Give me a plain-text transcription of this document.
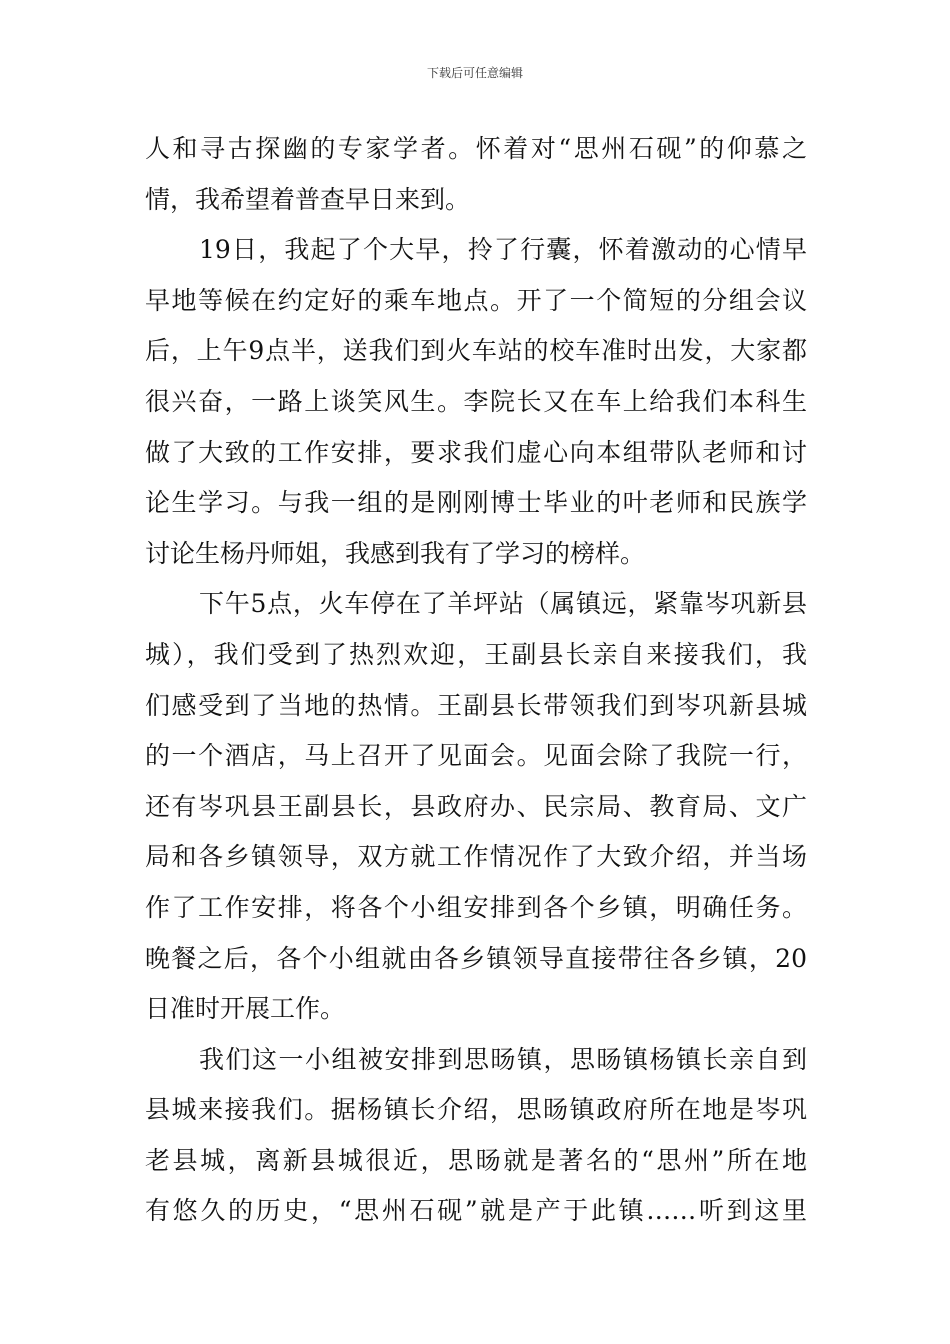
下载后可任意编辑
人和寻古探幽的专家学者。怀着对“思州石砚”的仰慕之
情，我希望着普查早日来到。
19日，我起了个大早，拎了行囊，怀着激动的心情早
早地等候在约定好的乘车地点。开了一个简短的分组会议
后，上午9点半，送我们到火车站的校车准时出发，大家都
很兴奋，一路上谈笑风生。李院长又在车上给我们本科生
做了大致的工作安排，要求我们虚心向本组带队老师和讨
论生学习。与我一组的是刚刚博士毕业的叶老师和民族学
讨论生杨丹师姐，我感到我有了学习的榜样。
下午5点，火车停在了羊坪站（属镇远，紧靠岑巩新县
城），我们受到了热烈欢迎，王副县长亲自来接我们，我
们感受到了当地的热情。王副县长带领我们到岑巩新县城
的一个酒店，马上召开了见面会。见面会除了我院一行，
还有岑巩县王副县长，县政府办、民宗局、教育局、文广
局和各乡镇领导，双方就工作情况作了大致介绍，并当场
作了工作安排，将各个小组安排到各个乡镇，明确任务。
晚餐之后，各个小组就由各乡镇领导直接带往各乡镇，20
日准时开展工作。
我们这一小组被安排到思旸镇，思旸镇杨镇长亲自到
县城来接我们。据杨镇长介绍，思旸镇政府所在地是岑巩
老县城，离新县城很近，思旸就是著名的“思州”所在地
有悠久的历史，“思州石砚”就是产于此镇……听到这里
